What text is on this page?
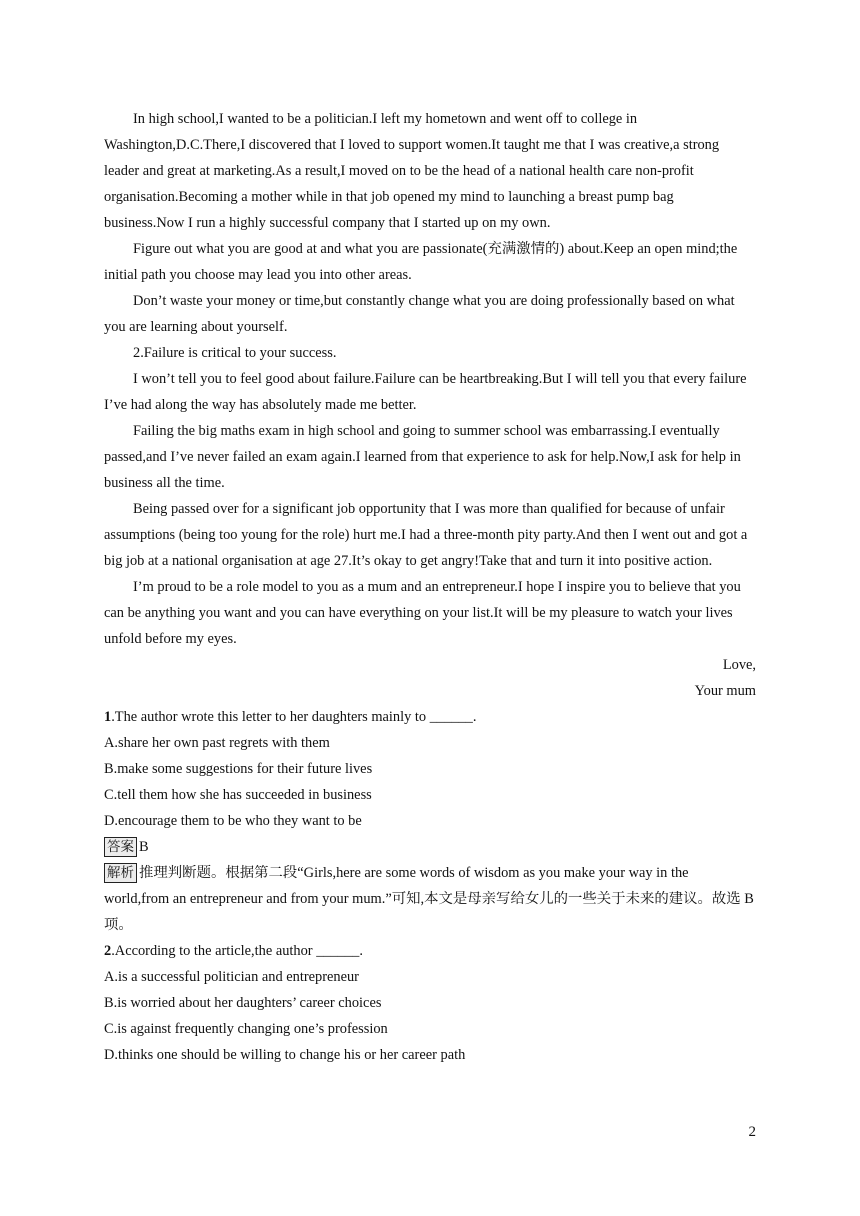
In high school,I wanted to be a politician.I left my hometown and went off to college in Washington,D.C.There,I discovered that I loved to support women.It taught me that I was creative,a strong leader and great at marketing.As a result,I moved on to be the head of a national health care non-profit organisation.Becoming a mother while in that job opened my mind to launching a breast pump bag business.Now I run a highly successful company that I started up on my own.

Figure out what you are good at and what you are passionate(充满激情的) about.Keep an open mind;the initial path you choose may lead you into other areas.

Don’t waste your money or time,but constantly change what you are doing professionally based on what you are learning about yourself.

2.Failure is critical to your success.

I won’t tell you to feel good about failure.Failure can be heartbreaking.But I will tell you that every failure I’ve had along the way has absolutely made me better.

Failing the big maths exam in high school and going to summer school was embarrassing.I eventually passed,and I’ve never failed an exam again.I learned from that experience to ask for help.Now,I ask for help in business all the time.

Being passed over for a significant job opportunity that I was more than qualified for because of unfair assumptions (being too young for the role) hurt me.I had a three-month pity party.And then I went out and got a big job at a national organisation at age 27.It’s okay to get angry!Take that and turn it into positive action.

I’m proud to be a role model to you as a mum and an entrepreneur.I hope I inspire you to believe that you can be anything you want and you can have everything on your list.It will be my pleasure to watch your lives unfold before my eyes.

Love,

Your mum

1.The author wrote this letter to her daughters mainly to ______.

A.share her own past regrets with them

B.make some suggestions for their future lives

C.tell them how she has succeeded in business

D.encourage them to be who they want to be

答案 B

解析 推理判断题。根据第二段“Girls,here are some words of wisdom as you make your way in the world,from an entrepreneur and from your mum.”可知,本文是母亲写给女儿的一些关于未来的建议。故选 B 项。

2.According to the article,the author ______.

A.is a successful politician and entrepreneur

B.is worried about her daughters’ career choices

C.is against frequently changing one’s profession

D.thinks one should be willing to change his or her career path

2
